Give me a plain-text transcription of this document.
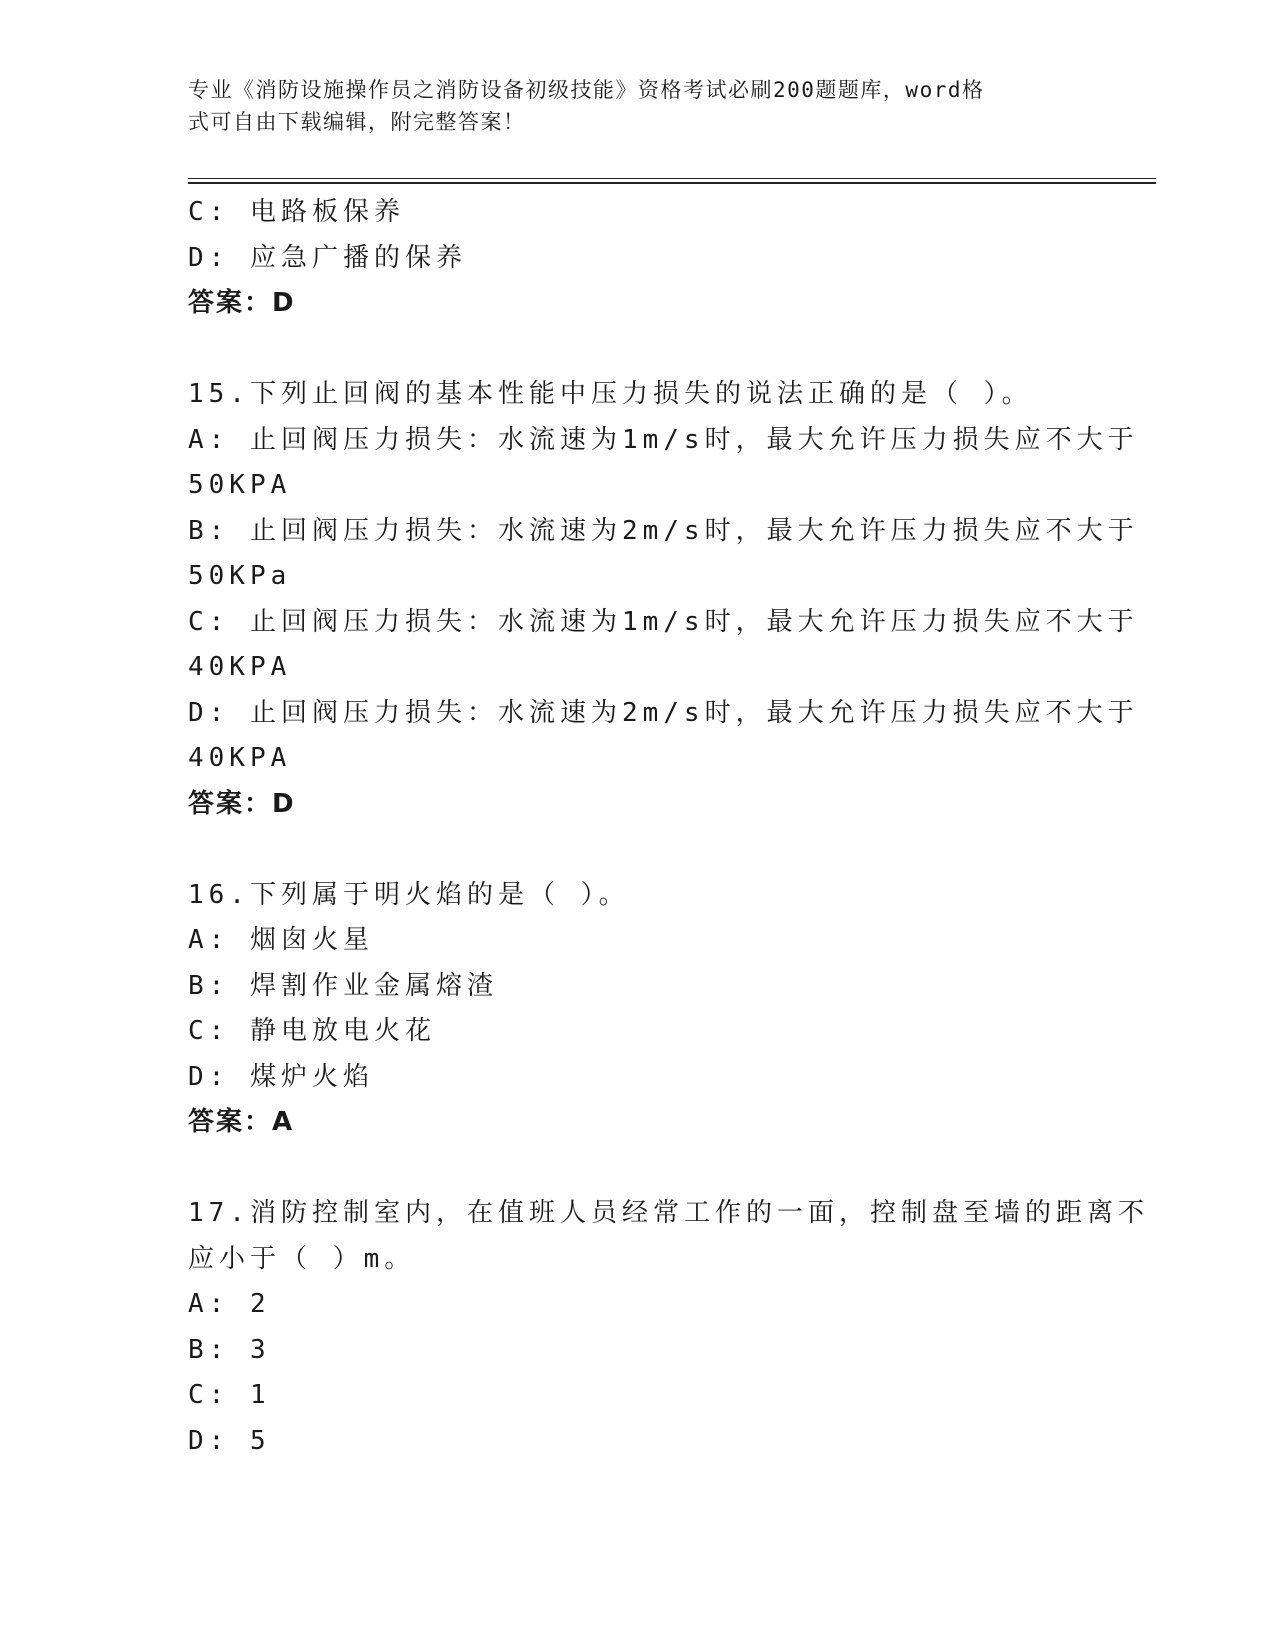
专业《消防设施操作员之消防设备初级技能》资格考试必刷200题题库，word格
式可自由下载编辑，附完整答案！
C: 电路板保养
D: 应急广播的保养
答案：D
15.下列止回阀的基本性能中压力损失的说法正确的是（ ）。
A: 止回阀压力损失：水流速为1m/s时，最大允许压力损失应不大于
50KPA
B: 止回阀压力损失：水流速为2m/s时，最大允许压力损失应不大于
50KPa
C: 止回阀压力损失：水流速为1m/s时，最大允许压力损失应不大于
40KPA
D: 止回阀压力损失：水流速为2m/s时，最大允许压力损失应不大于
40KPA
答案：D
16.下列属于明火焰的是（ ）。
A: 烟囱火星
B: 焊割作业金属熔渣
C: 静电放电火花
D: 煤炉火焰
答案：A
17.消防控制室内，在值班人员经常工作的一面，控制盘至墙的距离不
应小于（ ）m。
A: 2
B: 3
C: 1
D: 5
